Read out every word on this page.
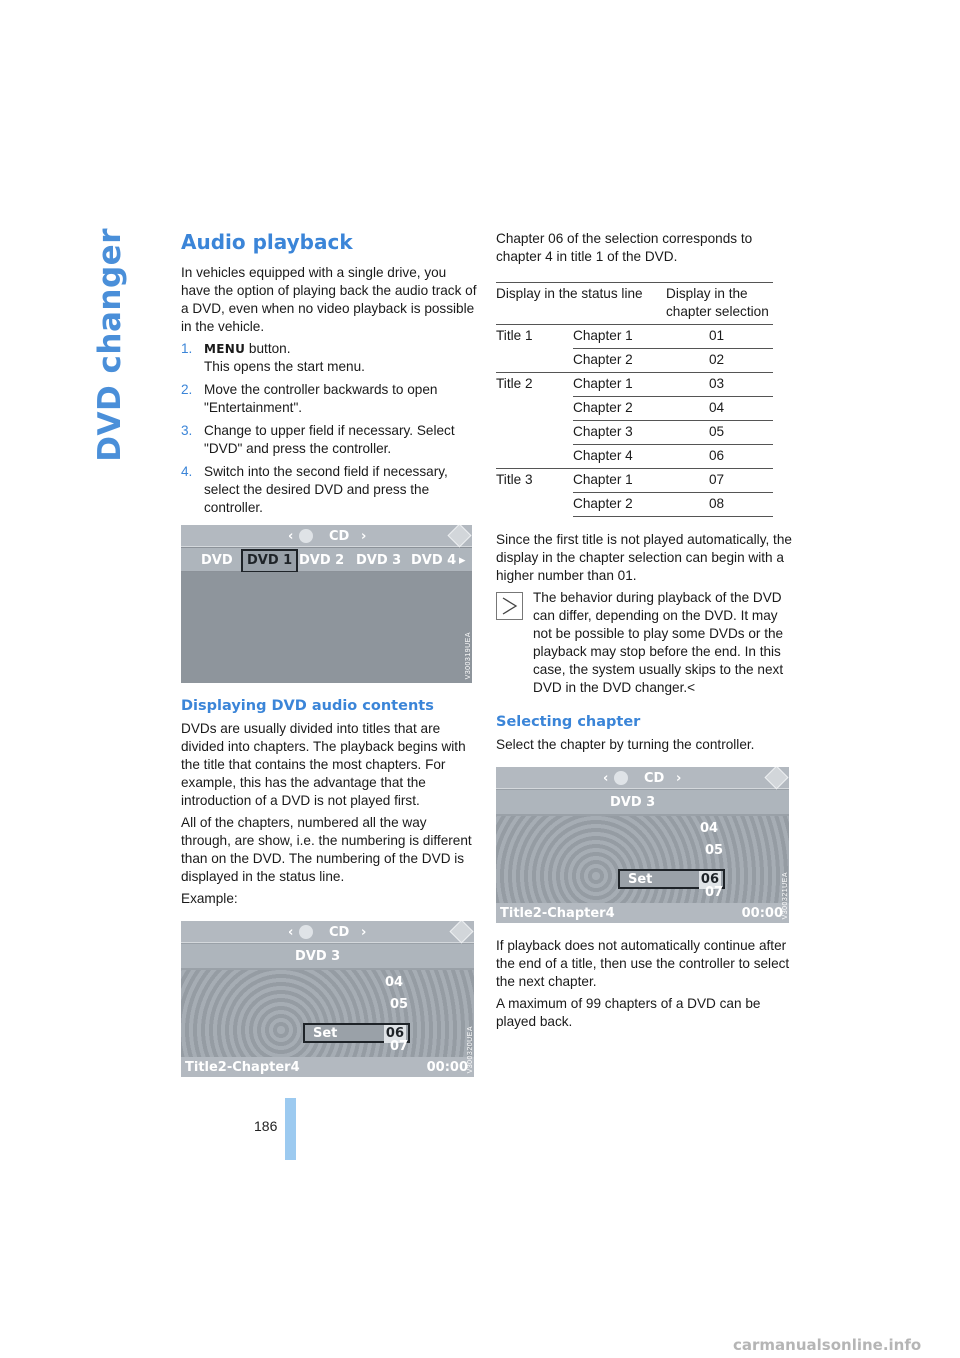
DVD changer	Audio playback

In vehicles equipped with a single drive, you have the option of playing back the audio track of a DVD, even when no video playback is possible in the vehicle.

1. MENU button.
This opens the start menu.
2. Move the controller backwards to open "Entertainment".
3. Change to upper field if necessary. Select "DVD" and press the controller.
4. Switch into the second field if necessary, select the desired DVD and press the controller.
‹	CD ›
DVD	DVD 1 DVD 2 DVD 3 DVD 4 ▸
V300319UEA
Displaying DVD audio contents

DVDs are usually divided into titles that are divided into chapters. The playback begins with the title that contains the most chapters. For example, this has the advantage that the introduction of a DVD is not played first.

All of the chapters, numbered all the way through, are show, i.e. the numbering is different than on the DVD. The numbering of the DVD is displayed in the status line.

Example:

‹	CD ›
DVD 3
04
05
Set	06
07
Title2-Chapter4	00:00 V300320UEA

Chapter 06 of the selection corresponds to chapter 4 in title 1 of the DVD.

Display in the status line		Display in the chapter selection
Title 1	Chapter 1	01
	Chapter 2	02
Title 2	Chapter 1	03
	Chapter 2	04
	Chapter 3	05
	Chapter 4	06
Title 3	Chapter 1	07
	Chapter 2	08

Since the first title is not played automatically, the display in the chapter selection can begin with a higher number than 01.

The behavior during playback of the DVD can differ, depending on the DVD. It may not be possible to play some DVDs or the playback may stop before the end. In this case, the system usually skips to the next DVD in the DVD changer.<
Selecting chapter

Select the chapter by turning the controller.

‹	CD ›
DVD 3
04
05
Set	06
07
Title2-Chapter4	00:00 V300321UEA

If playback does not automatically continue after the end of a title, then use the controller to select the next chapter.

A maximum of 99 chapters of a DVD can be played back.

186
carmanualsonline.info
